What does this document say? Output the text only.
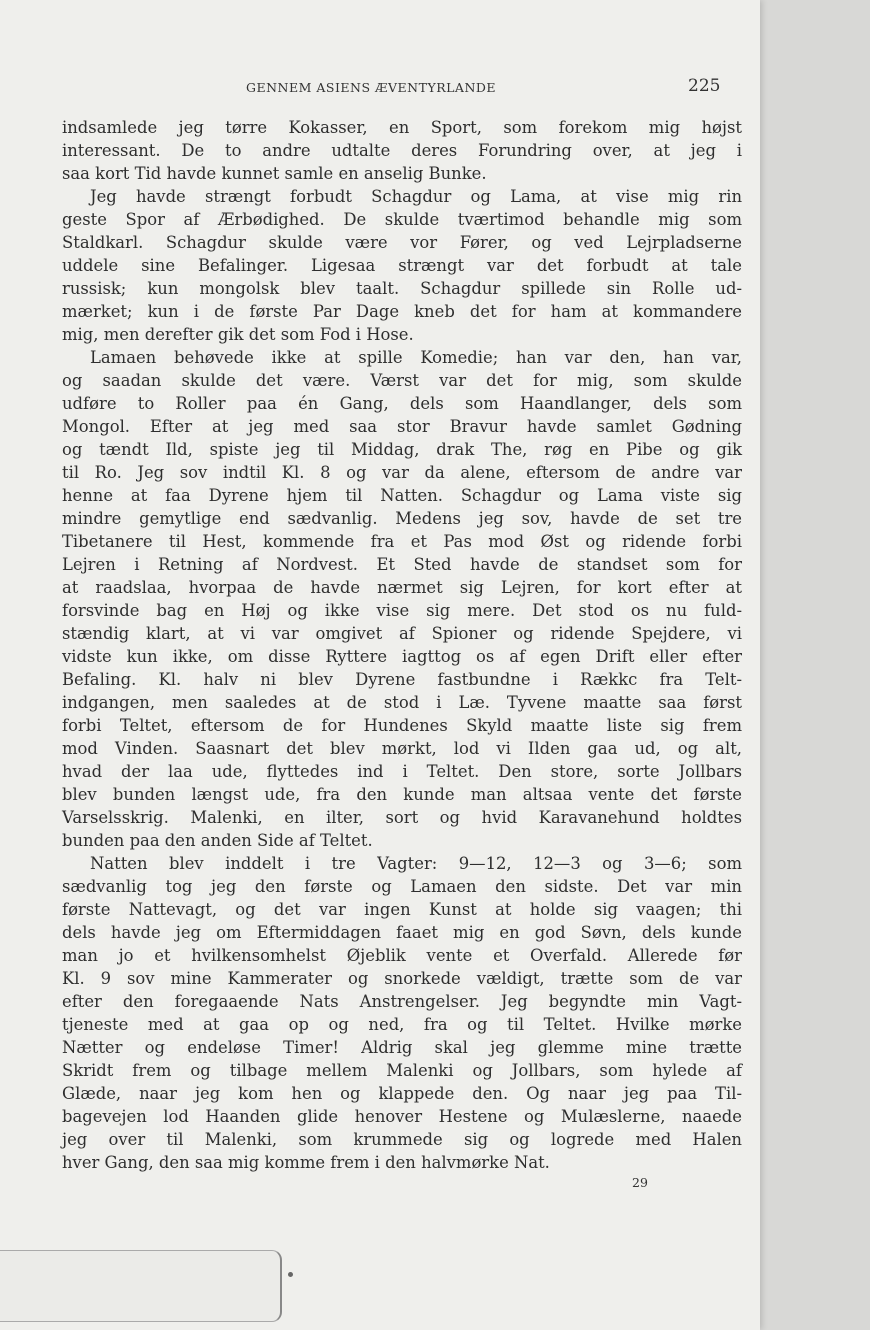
GENNEM ASIENS ÆVENTYRLANDE	225
indsamlede jeg tørre Kokasser, en Sport, som forekom mig højst
interessant. De to andre udtalte deres Forundring over, at jeg i
saa kort Tid havde kunnet samle en anselig Bunke.
Jeg havde strængt forbudt Schagdur og Lama, at vise mig rin
geste Spor af Ærbødighed. De skulde tværtimod behandle mig som
Staldkarl. Schagdur skulde være vor Fører, og ved Lejrpladserne
uddele sine Befalinger. Ligesaa strængt var det forbudt at tale
russisk; kun mongolsk blev taalt. Schagdur spillede sin Rolle ud-
mærket; kun i de første Par Dage kneb det for ham at kommandere
mig, men derefter gik det som Fod i Hose.
Lamaen behøvede ikke at spille Komedie; han var den, han var,
og saadan skulde det være. Værst var det for mig, som skulde
udføre to Roller paa én Gang, dels som Haandlanger, dels som
Mongol. Efter at jeg med saa stor Bravur havde samlet Gødning
og tændt Ild, spiste jeg til Middag, drak The, røg en Pibe og gik
til Ro. Jeg sov indtil Kl. 8 og var da alene, eftersom de andre var
henne at faa Dyrene hjem til Natten. Schagdur og Lama viste sig
mindre gemytlige end sædvanlig. Medens jeg sov, havde de set tre
Tibetanere til Hest, kommende fra et Pas mod Øst og ridende forbi
Lejren i Retning af Nordvest. Et Sted havde de standset som for
at raadslaa, hvorpaa de havde nærmet sig Lejren, for kort efter at
forsvinde bag en Høj og ikke vise sig mere. Det stod os nu fuld-
stændig klart, at vi var omgivet af Spioner og ridende Spejdere, vi
vidste kun ikke, om disse Ryttere iagttog os af egen Drift eller efter
Befaling. Kl. halv ni blev Dyrene fastbundne i Rækkc fra Telt-
indgangen, men saaledes at de stod i Læ. Tyvene maatte saa først
forbi Teltet, eftersom de for Hundenes Skyld maatte liste sig frem
mod Vinden. Saasnart det blev mørkt, lod vi Ilden gaa ud, og alt,
hvad der laa ude, flyttedes ind i Teltet. Den store, sorte Jollbars
blev bunden længst ude, fra den kunde man altsaa vente det første
Varselsskrig. Malenki, en ilter, sort og hvid Karavanehund holdtes
bunden paa den anden Side af Teltet.
Natten blev inddelt i tre Vagter: 9—12, 12—3 og 3—6; som
sædvanlig tog jeg den første og Lamaen den sidste. Det var min
første Nattevagt, og det var ingen Kunst at holde sig vaagen; thi
dels havde jeg om Eftermiddagen faaet mig en god Søvn, dels kunde
man jo et hvilkensomhelst Øjeblik vente et Overfald. Allerede før
Kl. 9 sov mine Kammerater og snorkede vældigt, trætte som de var
efter den foregaaende Nats Anstrengelser. Jeg begyndte min Vagt-
tjeneste med at gaa op og ned, fra og til Teltet. Hvilke mørke
Nætter og endeløse Timer! Aldrig skal jeg glemme mine trætte
Skridt frem og tilbage mellem Malenki og Jollbars, som hylede af
Glæde, naar jeg kom hen og klappede den. Og naar jeg paa Til-
bagevejen lod Haanden glide henover Hestene og Mulæslerne, naaede
jeg over til Malenki, som krummede sig og logrede med Halen
hver Gang, den saa mig komme frem i den halvmørke Nat.
29
